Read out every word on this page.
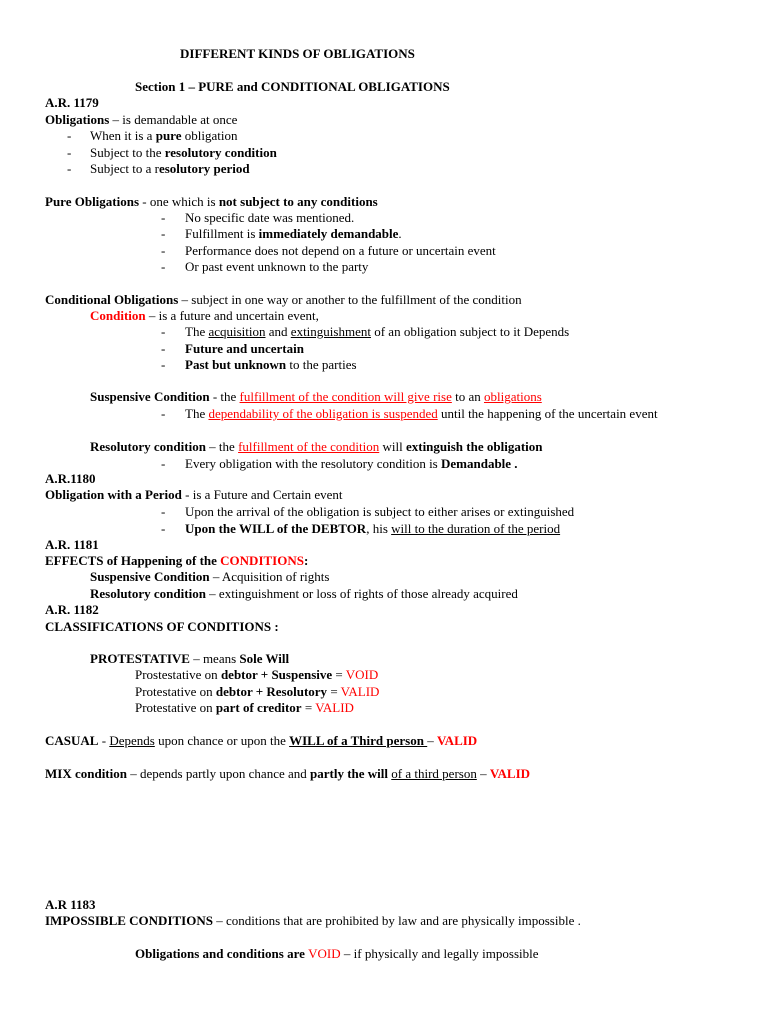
DIFFERENT KINDS OF OBLIGATIONS
Section 1 – PURE and CONDITIONAL OBLIGATIONS
A.R. 1179
Obligations – is demandable at once
- When it is a pure obligation
- Subject to the resolutory condition
- Subject to a resolutory period
Pure Obligations - one which is not subject to any conditions
- No specific date was mentioned.
- Fulfillment is immediately demandable.
- Performance does not depend on a future or uncertain event
- Or past event unknown to the party
Conditional Obligations – subject in one way or another to the fulfillment of the condition
Condition – is a future and uncertain event,
- The acquisition and extinguishment of an obligation subject to it Depends
- Future and uncertain
- Past but unknown to the parties
Suspensive Condition - the fulfillment of the condition will give rise to an obligations
- The dependability of the obligation is suspended until the happening of the uncertain event
Resolutory condition – the fulfillment of the condition will extinguish the obligation
- Every obligation with the resolutory condition is Demandable .
A.R.1180
Obligation with a Period - is a Future and Certain event
- Upon the arrival of the obligation is subject to either arises or extinguished
- Upon the WILL of the DEBTOR, his will to the duration of the period
A.R. 1181
EFFECTS of Happening of the CONDITIONS:
Suspensive Condition – Acquisition of rights
Resolutory condition – extinguishment or loss of rights of those already acquired
A.R. 1182
CLASSIFICATIONS OF CONDITIONS :
PROTESTATIVE – means Sole Will
Prostestative on debtor + Suspensive = VOID
Protestative on debtor + Resolutory = VALID
Protestative on part of creditor = VALID
CASUAL - Depends upon chance or upon the WILL of a Third person – VALID
MIX condition – depends partly upon chance and partly the will of a third person – VALID
A.R 1183
IMPOSSIBLE CONDITIONS – conditions that are prohibited by law and are physically impossible .
Obligations and conditions are VOID – if physically and legally impossible
